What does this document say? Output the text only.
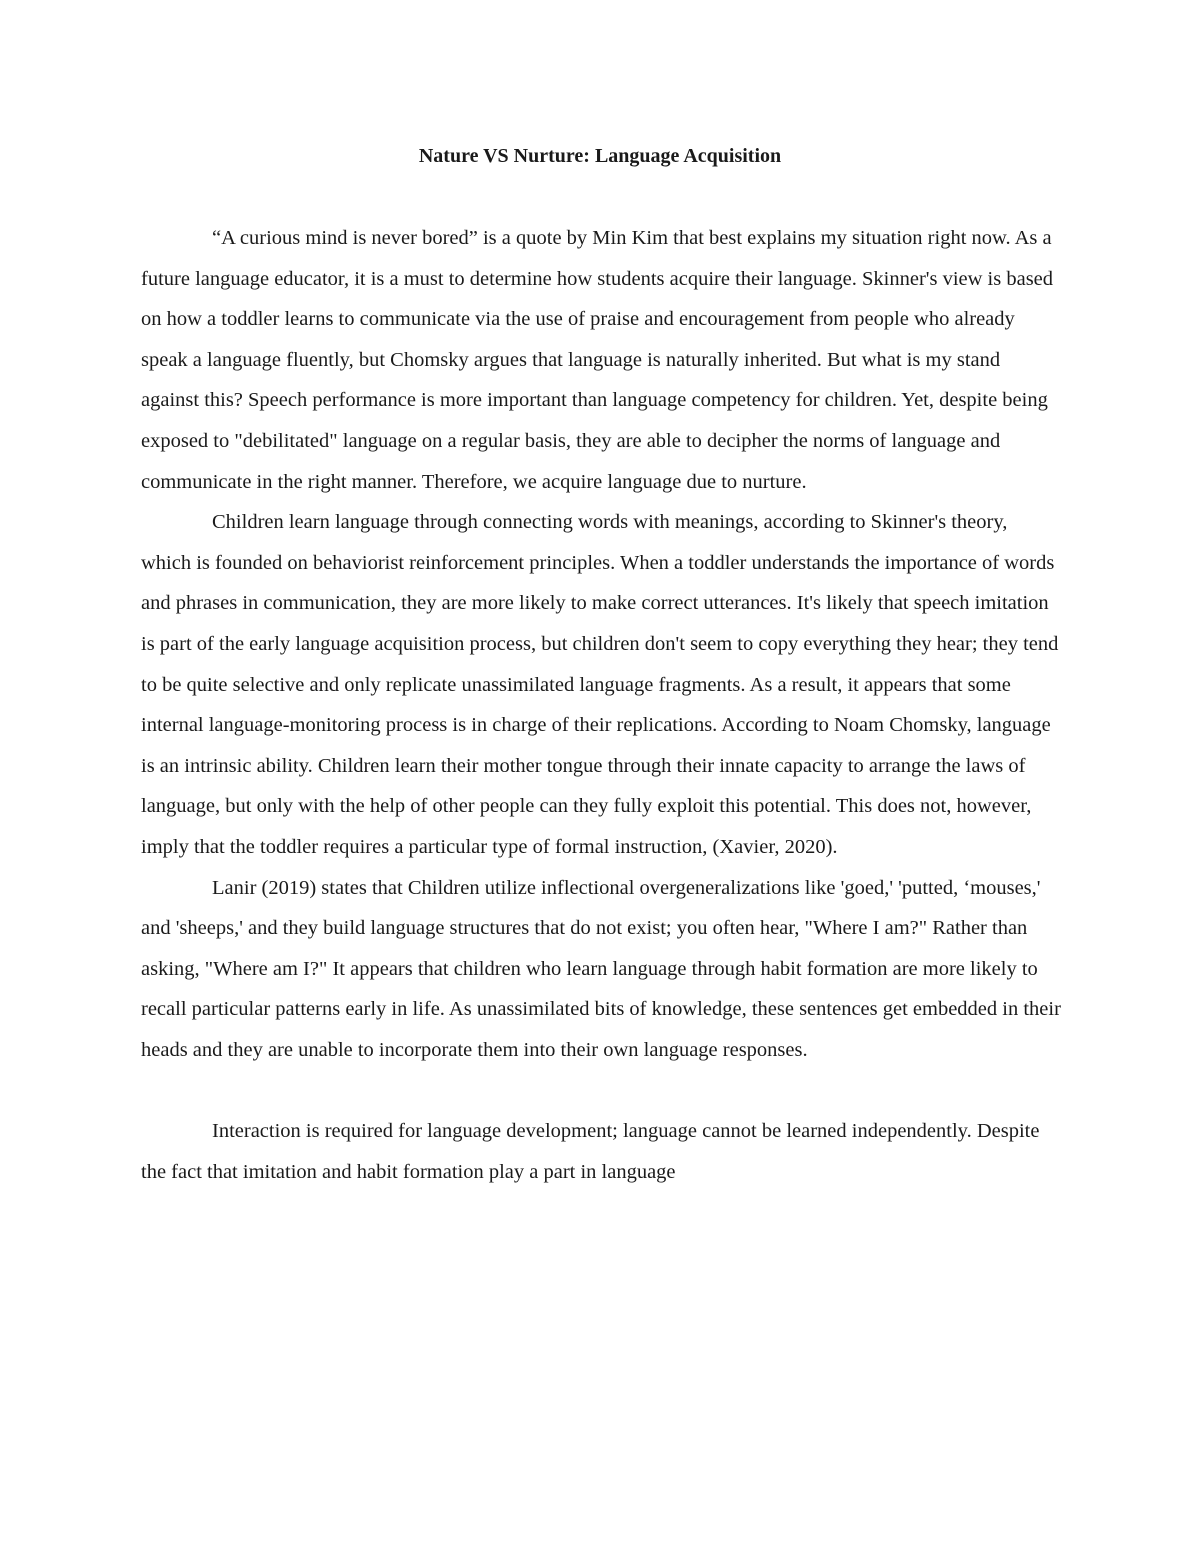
Nature VS Nurture: Language Acquisition

“A curious mind is never bored” is a quote by Min Kim that best explains my situation right now. As a future language educator, it is a must to determine how students acquire their language. Skinner's view is based on how a toddler learns to communicate via the use of praise and encouragement from people who already speak a language fluently, but Chomsky argues that language is naturally inherited. But what is my stand against this? Speech performance is more important than language competency for children. Yet, despite being exposed to "debilitated" language on a regular basis, they are able to decipher the norms of language and communicate in the right manner. Therefore, we acquire language due to nurture.

Children learn language through connecting words with meanings, according to Skinner's theory, which is founded on behaviorist reinforcement principles. When a toddler understands the importance of words and phrases in communication, they are more likely to make correct utterances. It's likely that speech imitation is part of the early language acquisition process, but children don't seem to copy everything they hear; they tend to be quite selective and only replicate unassimilated language fragments. As a result, it appears that some internal language-monitoring process is in charge of their replications. According to Noam Chomsky, language is an intrinsic ability. Children learn their mother tongue through their innate capacity to arrange the laws of language, but only with the help of other people can they fully exploit this potential. This does not, however, imply that the toddler requires a particular type of formal instruction, (Xavier, 2020).

Lanir (2019) states that Children utilize inflectional overgeneralizations like 'goed,' 'putted, ‘mouses,' and 'sheeps,' and they build language structures that do not exist; you often hear, "Where I am?" Rather than asking, "Where am I?" It appears that children who learn language through habit formation are more likely to recall particular patterns early in life. As unassimilated bits of knowledge, these sentences get embedded in their heads and they are unable to incorporate them into their own language responses.

Interaction is required for language development; language cannot be learned independently. Despite the fact that imitation and habit formation play a part in language
